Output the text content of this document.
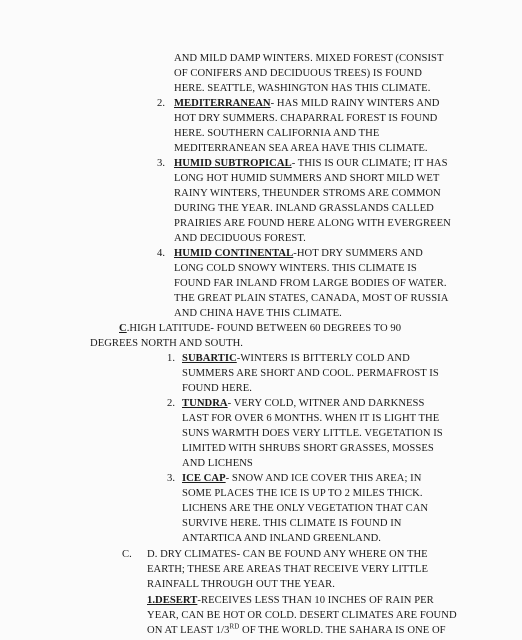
AND MILD DAMP WINTERS. MIXED FOREST (CONSIST
OF CONIFERS AND DECIDUOUS TREES) IS FOUND
HERE. SEATTLE, WASHINGTON HAS THIS CLIMATE.
2. MEDITERRANEAN- HAS MILD RAINY WINTERS AND
HOT DRY SUMMERS. CHAPARRAL FOREST IS FOUND
HERE. SOUTHERN CALIFORNIA AND THE
MEDITERRANEAN SEA AREA HAVE THIS CLIMATE.
3. HUMID SUBTROPICAL- THIS IS OUR CLIMATE; IT HAS
LONG HOT HUMID SUMMERS AND SHORT MILD WET
RAINY WINTERS, THEUNDER STROMS ARE COMMON
DURING THE YEAR. INLAND GRASSLANDS CALLED
PRAIRIES ARE FOUND HERE ALONG WITH EVERGREEN
AND DECIDUOUS FOREST.
4. HUMID CONTINENTAL-HOT DRY SUMMERS AND
LONG COLD SNOWY WINTERS. THIS CLIMATE IS
FOUND FAR INLAND FROM LARGE BODIES OF WATER.
THE GREAT PLAIN STATES, CANADA, MOST OF RUSSIA
AND CHINA HAVE THIS CLIMATE.
C.HIGH LATITUDE- FOUND BETWEEN 60 DEGREES TO 90
DEGREES NORTH AND SOUTH.
1. SUBARTIC-WINTERS IS BITTERLY COLD AND
SUMMERS ARE SHORT AND COOL. PERMAFROST IS
FOUND HERE.
2. TUNDRA- VERY COLD, WITNER AND DARKNESS
LAST FOR OVER 6 MONTHS. WHEN IT IS LIGHT THE
SUNS WARMTH DOES VERY LITTLE. VEGETATION IS
LIMITED WITH SHRUBS SHORT GRASSES, MOSSES
AND LICHENS
3. ICE CAP- SNOW AND ICE COVER THIS AREA; IN
SOME PLACES THE ICE IS UP TO 2 MILES THICK.
LICHENS ARE THE ONLY VEGETATION THAT CAN
SURVIVE HERE. THIS CLIMATE IS FOUND IN
ANTARTICA AND INLAND GREENLAND.
C. D. DRY CLIMATES- CAN BE FOUND ANY WHERE ON THE
EARTH; THESE ARE AREAS THAT RECEIVE VERY LITTLE
RAINFALL THROUGH OUT THE YEAR.
1.DESERT-RECEIVES LESS THAN 10 INCHES OF RAIN PER
YEAR, CAN BE HOT OR COLD. DESERT CLIMATES ARE FOUND
ON AT LEAST 1/3RD OF THE WORLD. THE SAHARA IS ONE OF
